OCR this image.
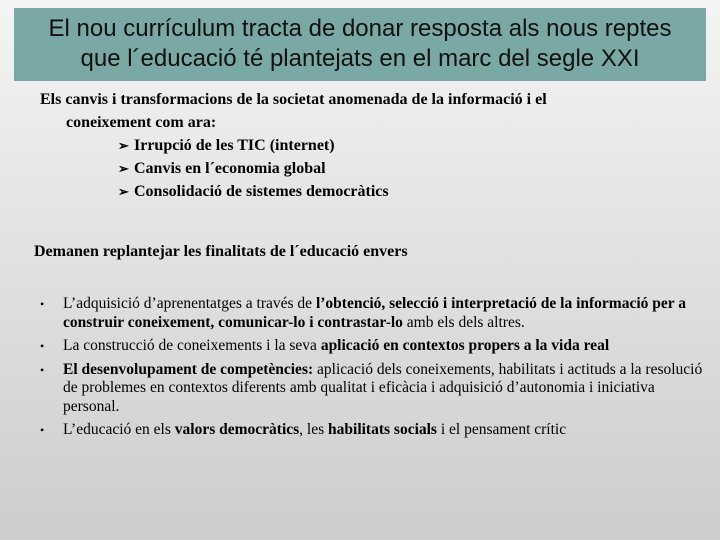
El nou currículum tracta de donar resposta als nous reptes
que l´educació té plantejats en el marc del segle XXI
Els canvis i transformacions de la societat anomenada de la informació i el
coneixement com ara:
➢ Irrupció de les TIC (internet)
➢ Canvis en l´economia global
➢ Consolidació de sistemes democràtics
Demanen replantejar les finalitats de l´educació envers
• L’adquisició d’aprenentatges a través de l’obtenció, selecció i interpretació de la informació per a construir coneixement, comunicar-lo i contrastar-lo amb els dels altres.
• La construcció de coneixements i la seva aplicació en contextos propers a la vida real
• El desenvolupament de competències: aplicació dels coneixements, habilitats i actituds a la resolució de problemes en contextos diferents amb qualitat i eficàcia i adquisició d’autonomia i iniciativa personal.
• L’educació en els valors democràtics, les habilitats socials i el pensament crític
